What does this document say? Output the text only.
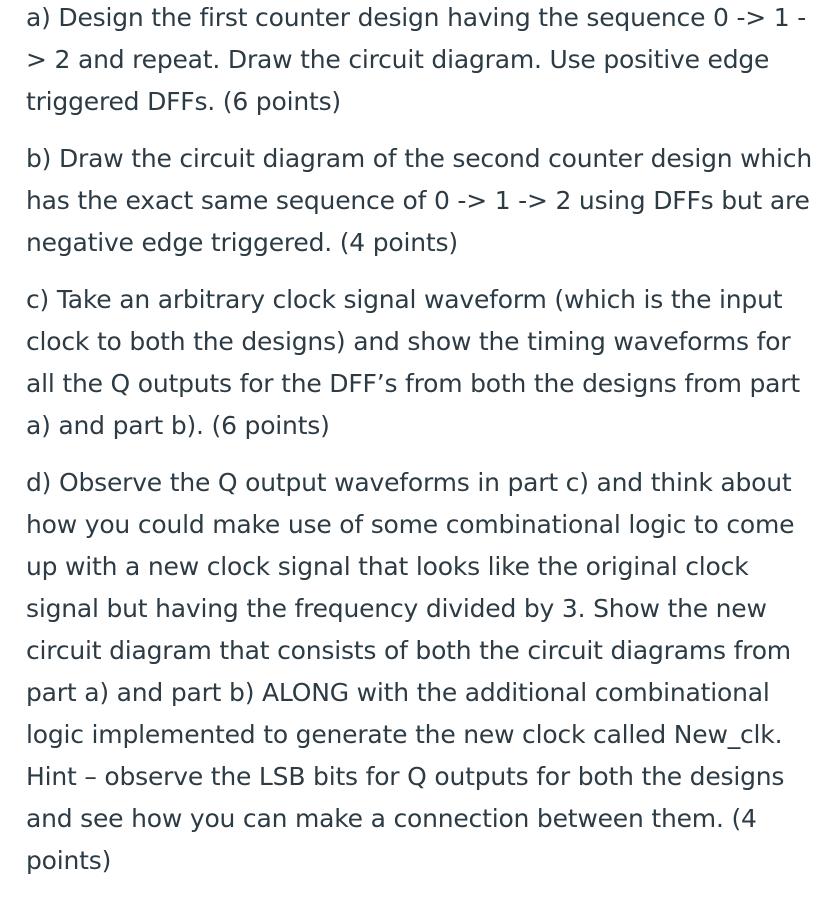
a) Design the first counter design having the sequence 0 -> 1 -> 2 and repeat. Draw the circuit diagram. Use positive edge triggered DFFs. (6 points)

b) Draw the circuit diagram of the second counter design which has the exact same sequence of 0 -> 1 -> 2 using DFFs but are negative edge triggered. (4 points)

c) Take an arbitrary clock signal waveform (which is the input clock to both the designs) and show the timing waveforms for all the Q outputs for the DFF’s from both the designs from part a) and part b). (6 points)

d) Observe the Q output waveforms in part c) and think about how you could make use of some combinational logic to come up with a new clock signal that looks like the original clock signal but having the frequency divided by 3. Show the new circuit diagram that consists of both the circuit diagrams from part a) and part b) ALONG with the additional combinational logic implemented to generate the new clock called New_clk. Hint – observe the LSB bits for Q outputs for both the designs and see how you can make a connection between them. (4 points)
